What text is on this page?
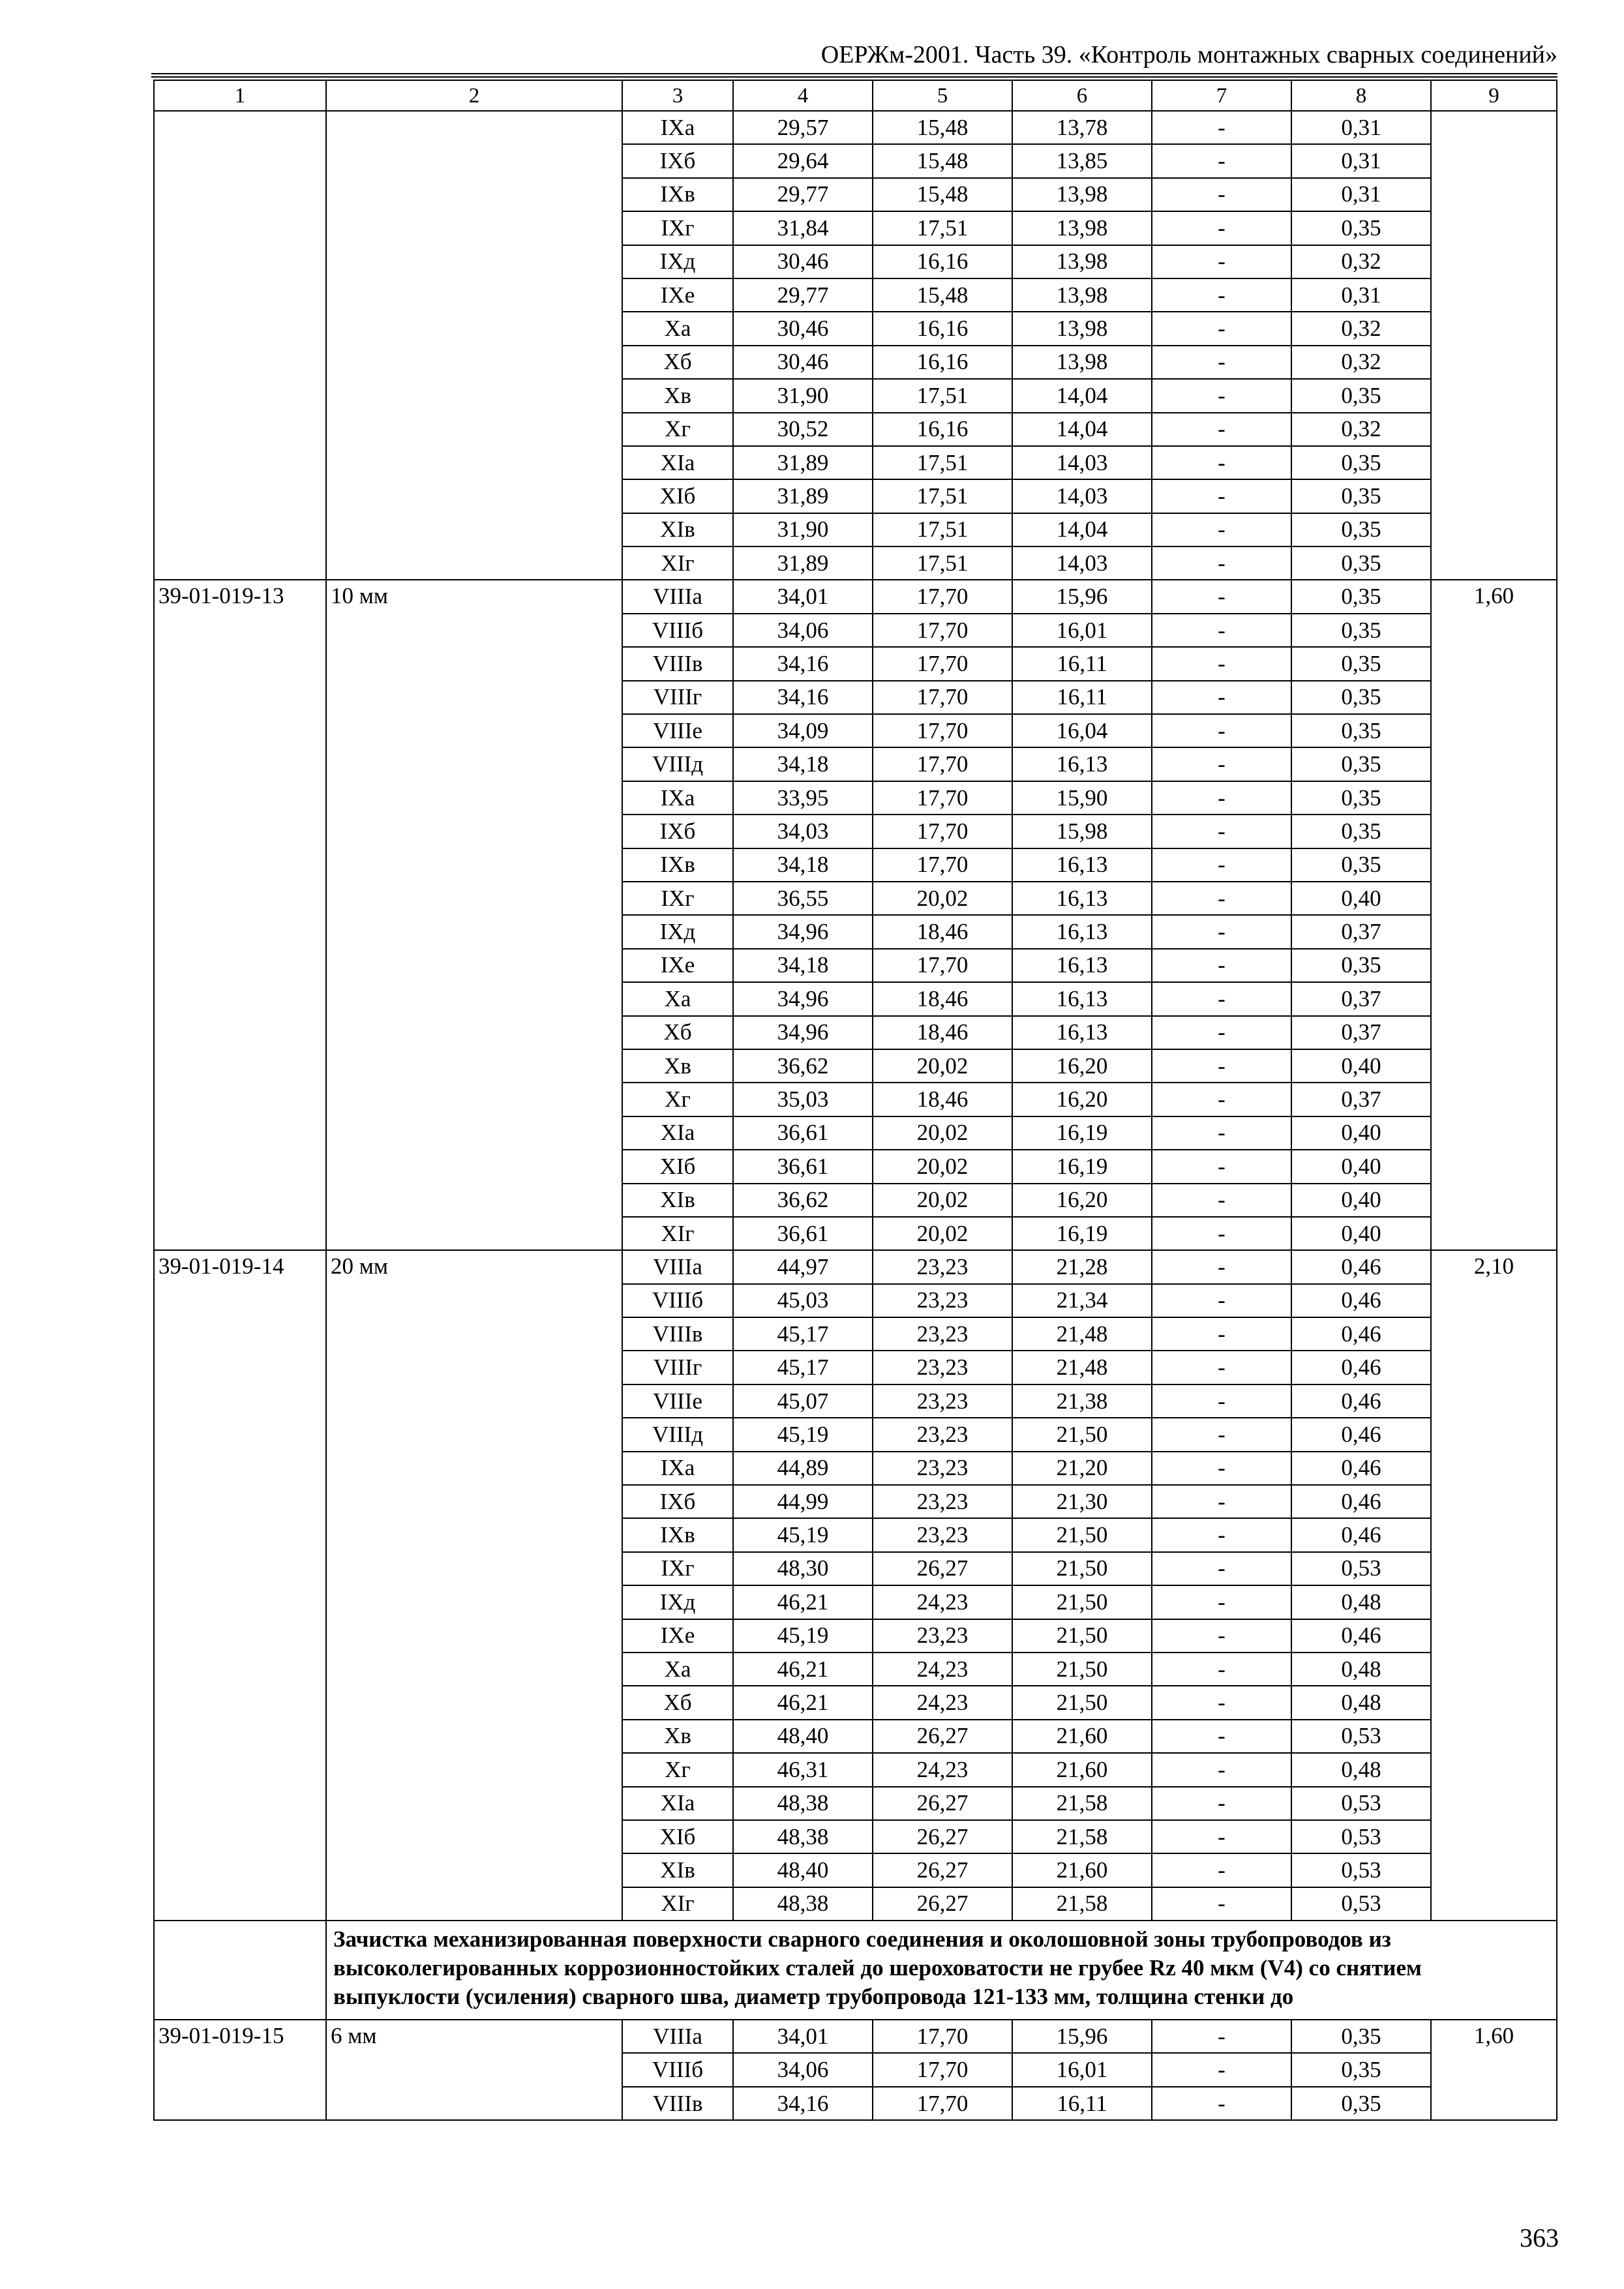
ОЕРЖм-2001. Часть 39. «Контроль монтажных сварных соединений»
1	2	3	4	5	6	7	8	9
		IXа	29,57	15,48	13,78	-	0,31	
		IXб	29,64	15,48	13,85	-	0,31	
		IXв	29,77	15,48	13,98	-	0,31	
		IXг	31,84	17,51	13,98	-	0,35	
		IXд	30,46	16,16	13,98	-	0,32	
		IXе	29,77	15,48	13,98	-	0,31	
		Xа	30,46	16,16	13,98	-	0,32	
		Xб	30,46	16,16	13,98	-	0,32	
		Xв	31,90	17,51	14,04	-	0,35	
		Xг	30,52	16,16	14,04	-	0,32	
		XIа	31,89	17,51	14,03	-	0,35	
		XIб	31,89	17,51	14,03	-	0,35	
		XIв	31,90	17,51	14,04	-	0,35	
		XIг	31,89	17,51	14,03	-	0,35	
39-01-019-13	10 мм	VIIIа	34,01	17,70	15,96	-	0,35	1,60
		VIIIб	34,06	17,70	16,01	-	0,35	
		VIIIв	34,16	17,70	16,11	-	0,35	
		VIIIг	34,16	17,70	16,11	-	0,35	
		VIIIе	34,09	17,70	16,04	-	0,35	
		VIIIд	34,18	17,70	16,13	-	0,35	
		IXа	33,95	17,70	15,90	-	0,35	
		IXб	34,03	17,70	15,98	-	0,35	
		IXв	34,18	17,70	16,13	-	0,35	
		IXг	36,55	20,02	16,13	-	0,40	
		IXд	34,96	18,46	16,13	-	0,37	
		IXе	34,18	17,70	16,13	-	0,35	
		Xа	34,96	18,46	16,13	-	0,37	
		Xб	34,96	18,46	16,13	-	0,37	
		Xв	36,62	20,02	16,20	-	0,40	
		Xг	35,03	18,46	16,20	-	0,37	
		XIа	36,61	20,02	16,19	-	0,40	
		XIб	36,61	20,02	16,19	-	0,40	
		XIв	36,62	20,02	16,20	-	0,40	
		XIг	36,61	20,02	16,19	-	0,40	
39-01-019-14	20 мм	VIIIа	44,97	23,23	21,28	-	0,46	2,10
		VIIIб	45,03	23,23	21,34	-	0,46	
		VIIIв	45,17	23,23	21,48	-	0,46	
		VIIIг	45,17	23,23	21,48	-	0,46	
		VIIIе	45,07	23,23	21,38	-	0,46	
		VIIIд	45,19	23,23	21,50	-	0,46	
		IXа	44,89	23,23	21,20	-	0,46	
		IXб	44,99	23,23	21,30	-	0,46	
		IXв	45,19	23,23	21,50	-	0,46	
		IXг	48,30	26,27	21,50	-	0,53	
		IXд	46,21	24,23	21,50	-	0,48	
		IXе	45,19	23,23	21,50	-	0,46	
		Xа	46,21	24,23	21,50	-	0,48	
		Xб	46,21	24,23	21,50	-	0,48	
		Xв	48,40	26,27	21,60	-	0,53	
		Xг	46,31	24,23	21,60	-	0,48	
		XIа	48,38	26,27	21,58	-	0,53	
		XIб	48,38	26,27	21,58	-	0,53	
		XIв	48,40	26,27	21,60	-	0,53	
		XIг	48,38	26,27	21,58	-	0,53	
	Зачистка механизированная поверхности сварного соединения и околошовной зоны трубопроводов из высоколегированных коррозионностойких сталей до шероховатости не грубее Rz 40 мкм (V4) со снятием выпуклости (усиления) сварного шва, диаметр трубопровода 121-133 мм, толщина стенки до							
39-01-019-15	6 мм	VIIIа	34,01	17,70	15,96	-	0,35	1,60
		VIIIб	34,06	17,70	16,01	-	0,35	
		VIIIв	34,16	17,70	16,11	-	0,35	
363
